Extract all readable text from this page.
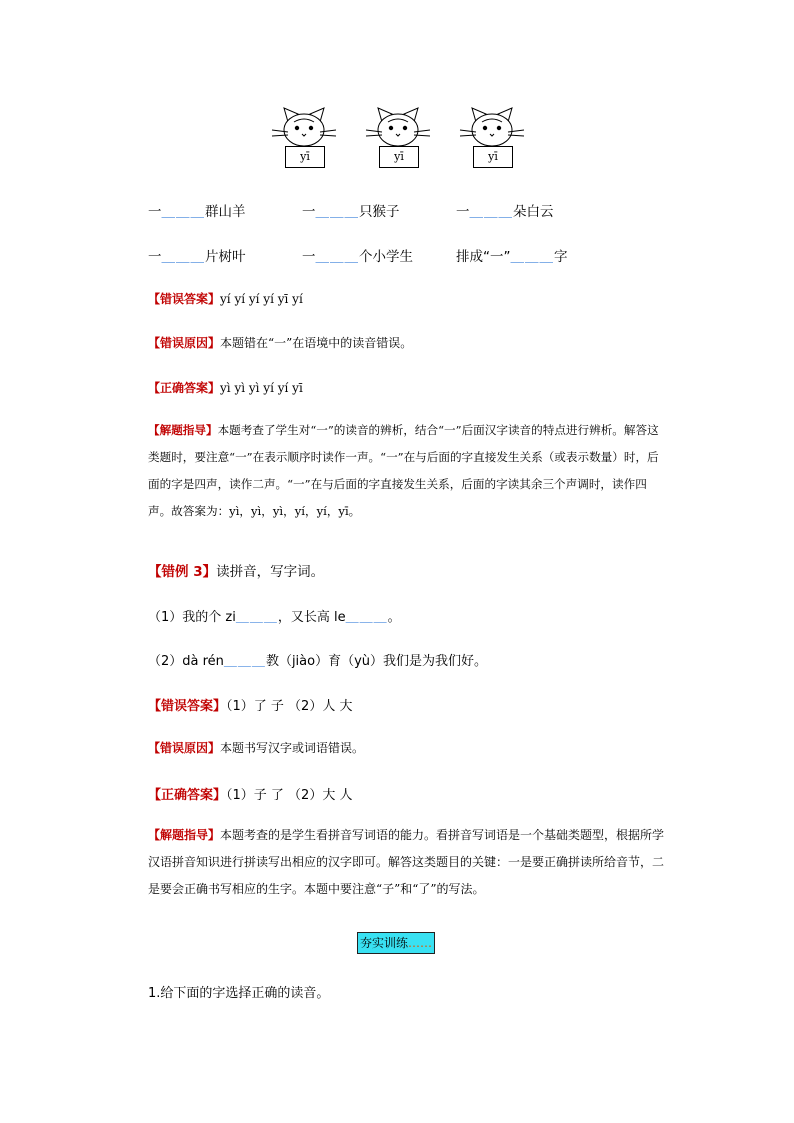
yī	yī	yī
一＿＿＿群山羊	一＿＿＿只猴子	一＿＿＿朵白云
一＿＿＿片树叶	一＿＿＿个小学生	排成“一”＿＿＿字
【错误答案】yí yí yí yí yī yí
【错误原因】本题错在“一”在语境中的读音错误。
【正确答案】yì yì yì yí yí yī
【解题指导】本题考查了学生对“一”的读音的辨析，结合“一”后面汉字读音的特点进行辨析。解答这类题时，要注意“一”在表示顺序时读作一声。“一”在与后面的字直接发生关系（或表示数量）时，后面的字是四声，读作二声。“一”在与后面的字直接发生关系，后面的字读其余三个声调时，读作四声。故答案为：yì，yì，yì，yí，yí，yī。
【错例 3】读拼音，写字词。
（1）我的个 zi＿＿＿，又长高 le＿＿＿。
（2）dà rén＿＿＿教（jiào）育（yù）我们是为我们好。
【错误答案】（1）了 子 （2）人 大
【错误原因】本题书写汉字或词语错误。
【正确答案】（1）子 了 （2）大 人
【解题指导】本题考查的是学生看拼音写词语的能力。看拼音写词语是一个基础类题型，根据所学汉语拼音知识进行拼读写出相应的汉字即可。解答这类题目的关键：一是要正确拼读所给音节，二是要会正确书写相应的生字。本题中要注意“子”和“了”的写法。
夯实训练……
1.给下面的字选择正确的读音。
